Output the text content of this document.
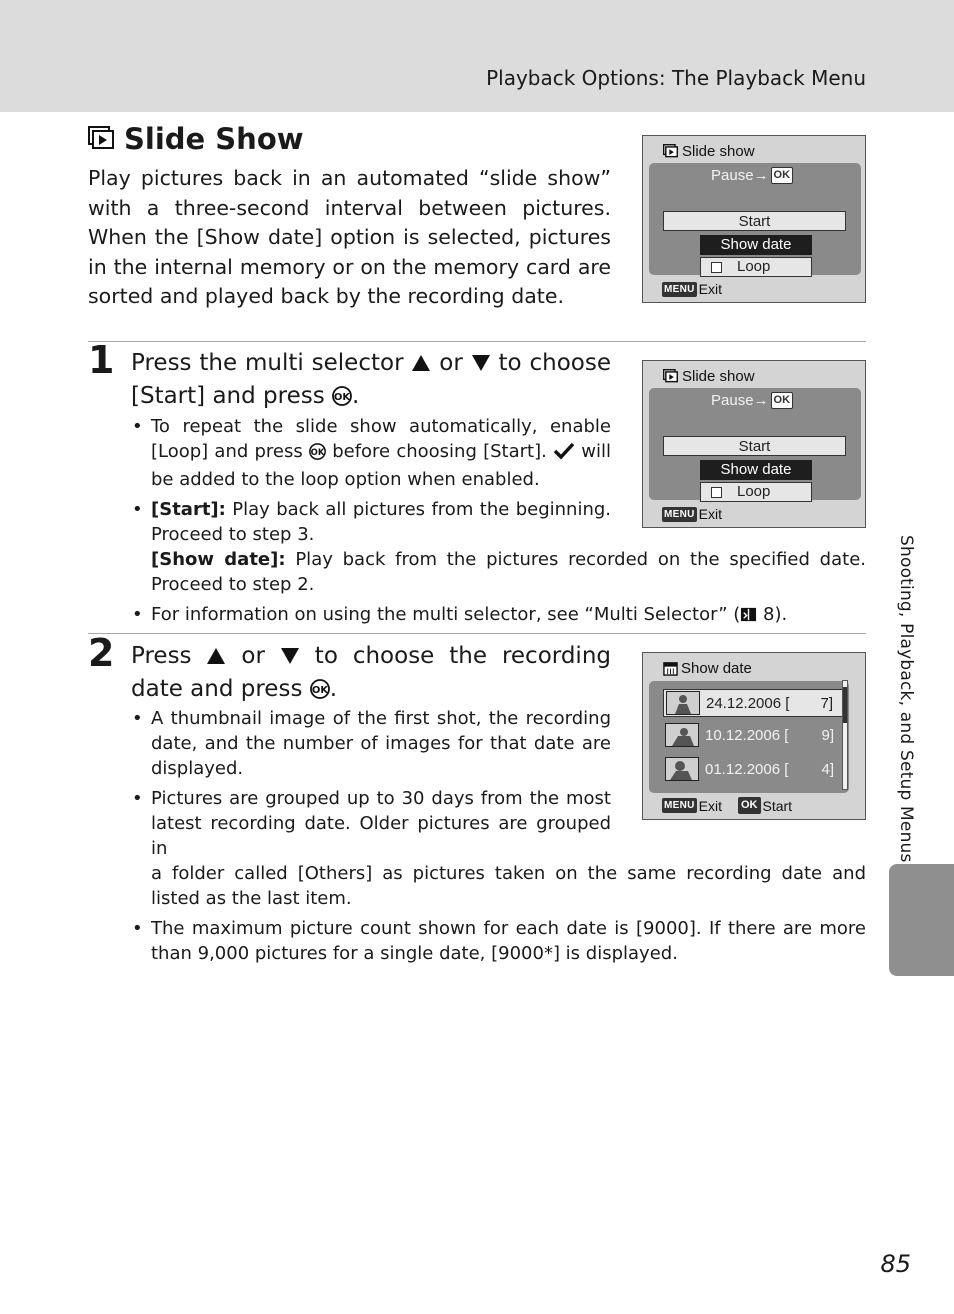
Playback Options: The Playback Menu
Shooting, Playback, and Setup Menus
Slide Show
Play pictures back in an automated “slide show” with a three-second interval between pictures. When the [Show date] option is selected, pictures in the internal memory or on the memory card are sorted and played back by the recording date.
1 Press the multi selector  or  to choose [Start] and press OK .
• To repeat the slide show automatically, enable [Loop] and press OK before choosing [Start].  will be added to the loop option when enabled.
• [Start]: Play back all pictures from the beginning. Proceed to step 3.
[Show date]: Play back from the pictures recorded on the specified date. Proceed to step 2.
• For information on using the multi selector, see “Multi Selector” ( 8).
2 Press  or  to choose the recording date and press OK .
• A thumbnail image of the first shot, the recording date, and the number of images for that date are displayed.
• Pictures are grouped up to 30 days from the most latest recording date. Older pictures are grouped in
a folder called [Others] as pictures taken on the same recording date and listed as the last item.
• The maximum picture count shown for each date is [9000]. If there are more than 9,000 pictures for a single date, [9000*] is displayed.
Slide show
Pause→ OK
Start
Show date
Loop
MENU Exit
Slide show
Pause→ OK
Start
Show date
Loop
MENU Exit
Show date
24.12.2006 [ 7]
10.12.2006 [ 9]
01.12.2006 [ 4]
MENU Exit OK Start
85
